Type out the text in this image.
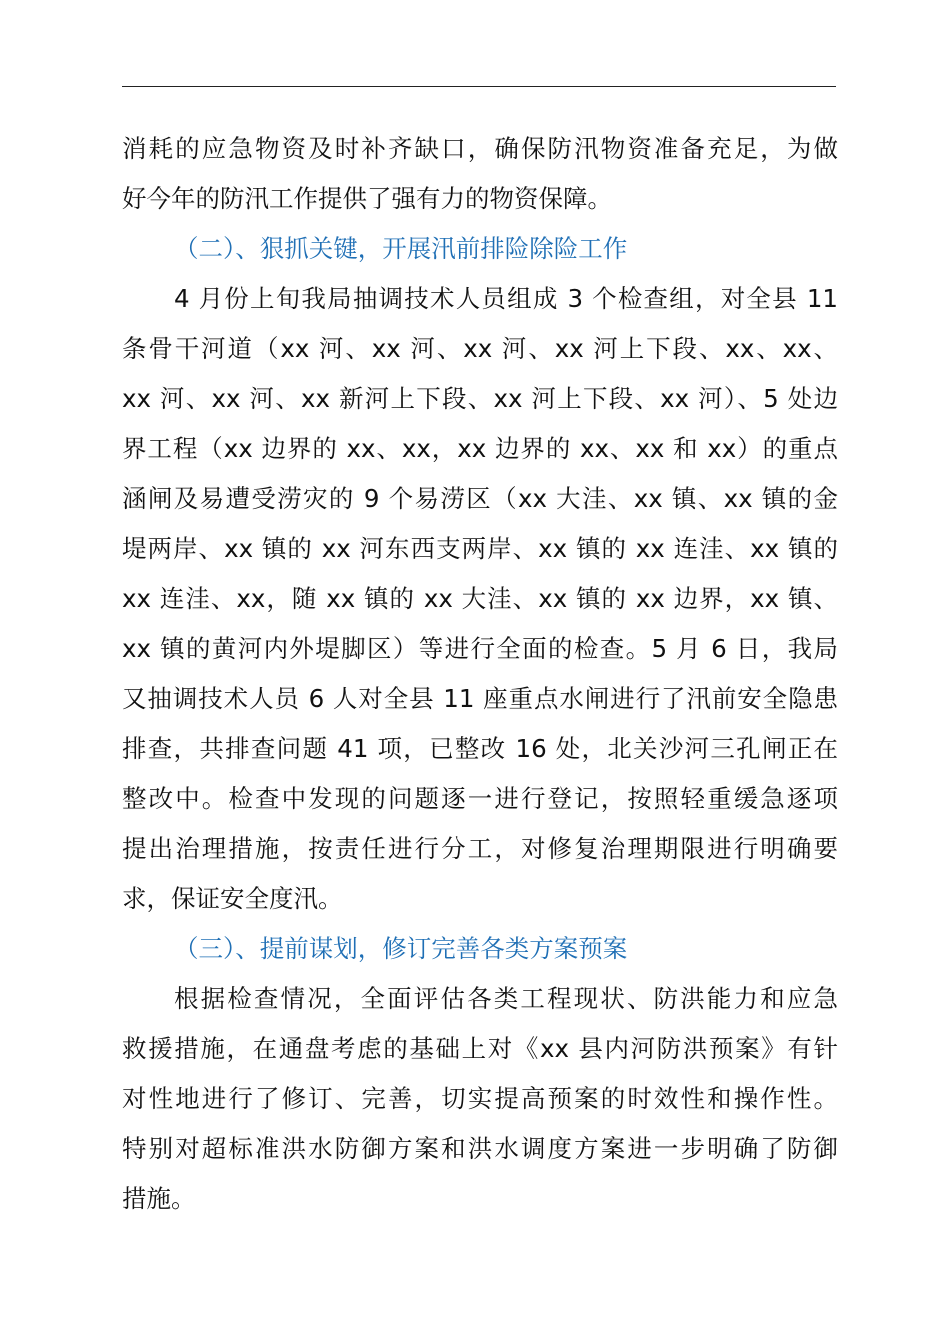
消耗的应急物资及时补齐缺口，确保防汛物资准备充足，为做
好今年的防汛工作提供了强有力的物资保障。
（二）、狠抓关键，开展汛前排险除险工作
4 月份上旬我局抽调技术人员组成 3 个检查组，对全县 11
条骨干河道（xx 河、xx 河、xx 河、xx 河上下段、xx、xx、
xx 河、xx 河、xx 新河上下段、xx 河上下段、xx 河）、5 处边
界工程（xx 边界的 xx、xx，xx 边界的 xx、xx 和 xx）的重点
涵闸及易遭受涝灾的 9 个易涝区（xx 大洼、xx 镇、xx 镇的金
堤两岸、xx 镇的 xx 河东西支两岸、xx 镇的 xx 连洼、xx 镇的
xx 连洼、xx，随 xx 镇的 xx 大洼、xx 镇的 xx 边界，xx 镇、
xx 镇的黄河内外堤脚区）等进行全面的检查。5 月 6 日，我局
又抽调技术人员 6 人对全县 11 座重点水闸进行了汛前安全隐患
排查，共排查问题 41 项，已整改 16 处，北关沙河三孔闸正在
整改中。检查中发现的问题逐一进行登记，按照轻重缓急逐项
提出治理措施，按责任进行分工，对修复治理期限进行明确要
求，保证安全度汛。
（三）、提前谋划，修订完善各类方案预案
根据检查情况，全面评估各类工程现状、防洪能力和应急
救援措施，在通盘考虑的基础上对《xx 县内河防洪预案》有针
对性地进行了修订、完善，切实提高预案的时效性和操作性。
特别对超标准洪水防御方案和洪水调度方案进一步明确了防御
措施。
